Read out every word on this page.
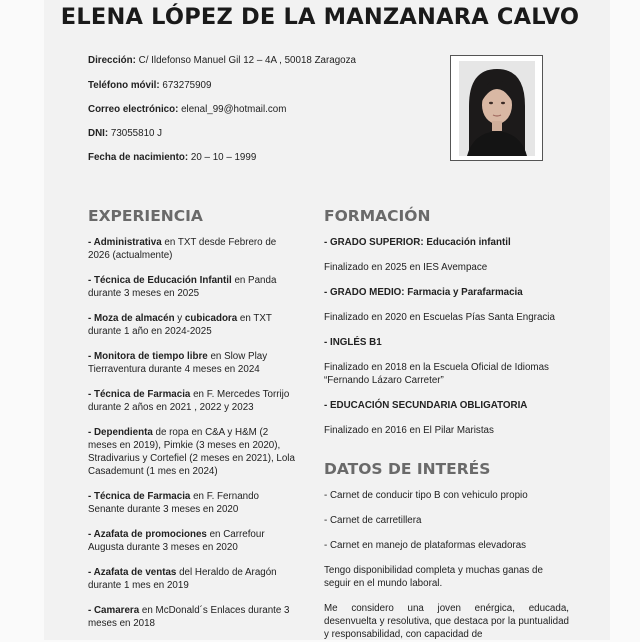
ELENA LÓPEZ DE LA MANZANARA CALVO
Dirección: C/ Ildefonso Manuel Gil 12 – 4A , 50018 Zaragoza
Teléfono móvil: 673275909
Correo electrónico: elenal_99@hotmail.com
DNI: 73055810 J
Fecha de nacimiento: 20 – 10 – 1999
EXPERIENCIA

- Administrativa en TXT desde Febrero de 2026 (actualmente)

- Técnica de Educación Infantil en Panda durante 3 meses en 2025

- Moza de almacén y cubicadora en TXT durante 1 año en 2024-2025

- Monitora de tiempo libre en Slow Play Tierraventura durante 4 meses en 2024

- Técnica de Farmacia en F. Mercedes Torrijo durante 2 años en 2021 , 2022 y 2023

- Dependienta de ropa en C&A y H&M (2 meses en 2019), Pimkie (3 meses en 2020), Stradivarius y Cortefiel (2 meses en 2021), Lola Casademunt (1 mes en 2024)

- Técnica de Farmacia en F. Fernando Senante durante 3 meses en 2020

- Azafata de promociones en Carrefour Augusta durante 3 meses en 2020

- Azafata de ventas del Heraldo de Aragón durante 1 mes en 2019

- Camarera en McDonald´s Enlaces durante 3 meses en 2018

FORMACIÓN

- GRADO SUPERIOR: Educación infantil

Finalizado en 2025 en IES Avempace

- GRADO MEDIO: Farmacia y Parafarmacia

Finalizado en 2020 en Escuelas Pías Santa Engracia

- INGLÉS B1

Finalizado en 2018 en la Escuela Oficial de Idiomas “Fernando Lázaro Carreter”

- EDUCACIÓN SECUNDARIA OBLIGATORIA

Finalizado en 2016 en El Pilar Maristas

DATOS DE INTERÉS

- Carnet de conducir tipo B con vehiculo propio

- Carnet de carretillera

- Carnet en manejo de plataformas elevadoras

Tengo disponibilidad completa y muchas ganas de seguir en el mundo laboral.

Me considero una joven enérgica, educada, desenvuelta y resolutiva, que destaca por la puntualidad y responsabilidad, con capacidad de
